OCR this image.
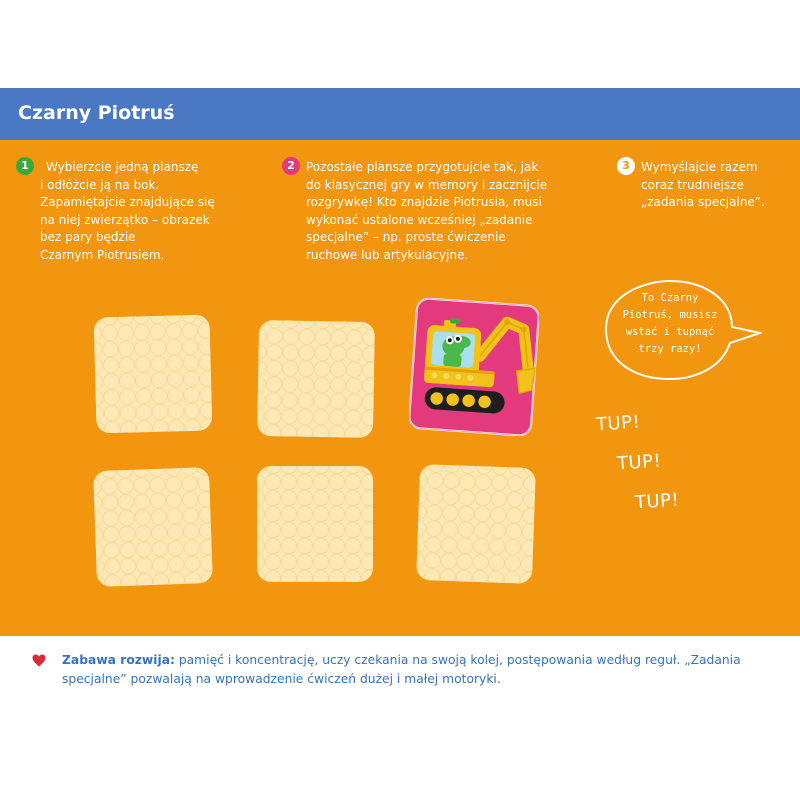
Czarny Piotruś
1	Wybierzcie jedną planszę
i odłóżcie ją na bok.
Zapamiętajcie znajdujące się
na niej zwierzątko – obrazek
bez pary będzie
Czarnym Piotrusiem.
2 Pozostałe plansze przygotujcie tak, jak
do klasycznej gry w memory i zacznijcie
rozgrywkę! Kto znajdzie Piotrusia, musi
wykonać ustalone wcześniej „zadanie
specjalne” – np. proste ćwiczenie
ruchowe lub artykulacyjne.
3 Wymyślajcie razem
coraz trudniejsze
„zadania specjalne”.
To Czarny
Piotruś, musisz
wstać i tupnąć
trzy razy!
TUP!
TUP!
TUP!
Zabawa rozwija: pamięć i koncentrację, uczy czekania na swoją kolej, postępowania według reguł. „Zadania specjalne” pozwalają na wprowadzenie ćwiczeń dużej i małej motoryki.
